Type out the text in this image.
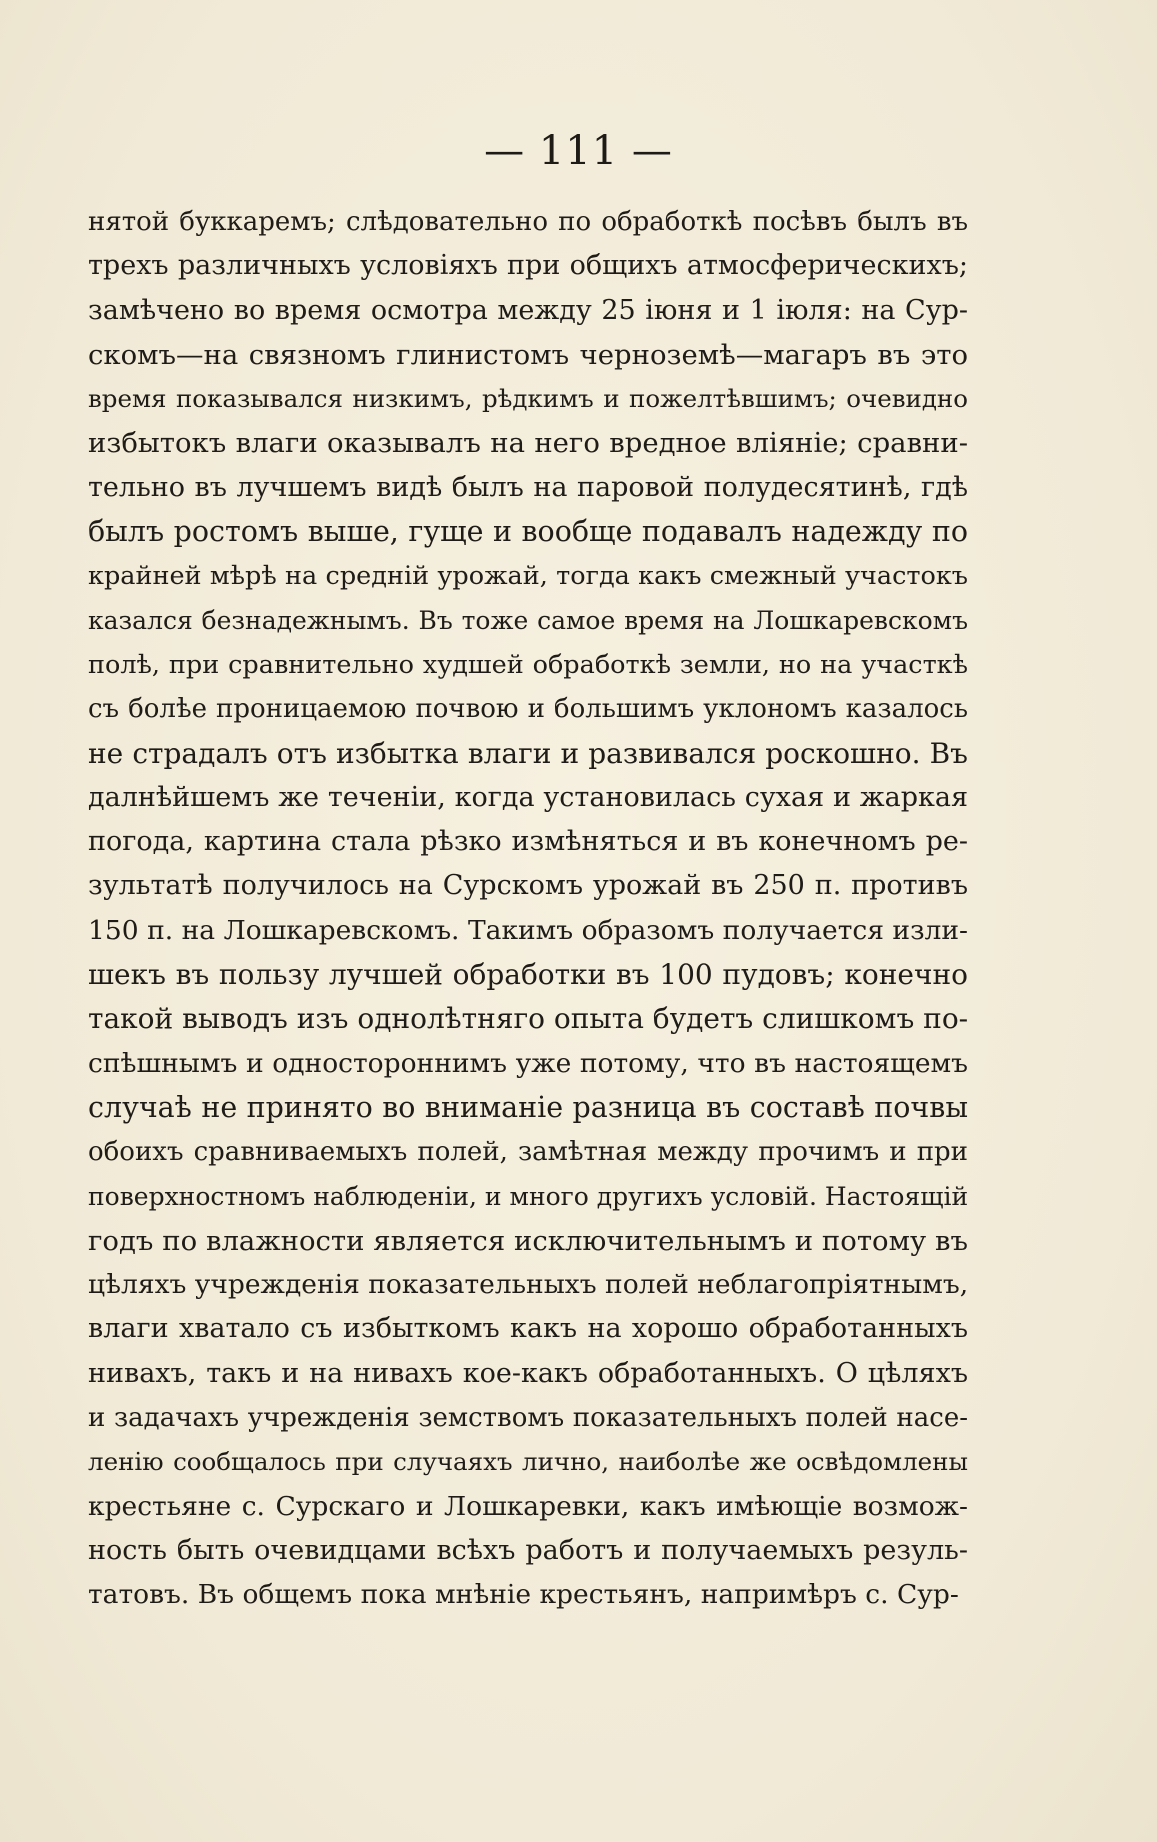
— 111 —
нятой буккаремъ; слѣдовательно по обработкѣ посѣвъ былъ въ
трехъ различныхъ условіяхъ при общихъ атмосферическихъ;
замѣчено во время осмотра между 25 іюня и 1 іюля: на Сур-
скомъ—на связномъ глинистомъ черноземѣ—магаръ въ это
время показывался низкимъ, рѣдкимъ и пожелтѣвшимъ; очевидно
избытокъ влаги оказывалъ на него вредное вліяніе; сравни-
тельно въ лучшемъ видѣ былъ на паровой полудесятинѣ, гдѣ
былъ ростомъ выше, гуще и вообще подавалъ надежду по
крайней мѣрѣ на средній урожай, тогда какъ смежный участокъ
казался безнадежнымъ. Въ тоже самое время на Лошкаревскомъ
полѣ, при сравнительно худшей обработкѣ земли, но на участкѣ
съ болѣе проницаемою почвою и большимъ уклономъ казалось
не страдалъ отъ избытка влаги и развивался роскошно. Въ
далнѣйшемъ же теченіи, когда установилась сухая и жаркая
погода, картина стала рѣзко измѣняться и въ конечномъ ре-
зультатѣ получилось на Сурскомъ урожай въ 250 п. противъ
150 п. на Лошкаревскомъ. Такимъ образомъ получается изли-
шекъ въ пользу лучшей обработки въ 100 пудовъ; конечно
такой выводъ изъ однолѣтняго опыта будетъ слишкомъ по-
спѣшнымъ и одностороннимъ уже потому, что въ настоящемъ
случаѣ не принято во вниманіе разница въ составѣ почвы
обоихъ сравниваемыхъ полей, замѣтная между прочимъ и при
поверхностномъ наблюденіи, и много другихъ условій. Настоящій
годъ по влажности является исключительнымъ и потому въ
цѣляхъ учрежденія показательныхъ полей неблагопріятнымъ,
влаги хватало съ избыткомъ какъ на хорошо обработанныхъ
нивахъ, такъ и на нивахъ кое-какъ обработанныхъ. О цѣляхъ
и задачахъ учрежденія земствомъ показательныхъ полей насе-
ленію сообщалось при случаяхъ лично, наиболѣе же освѣдомлены
крестьяне с. Сурскаго и Лошкаревки, какъ имѣющіе возмож-
ность быть очевидцами всѣхъ работъ и получаемыхъ резуль-
татовъ. Въ общемъ пока мнѣніе крестьянъ, напримѣръ с. Сур-
